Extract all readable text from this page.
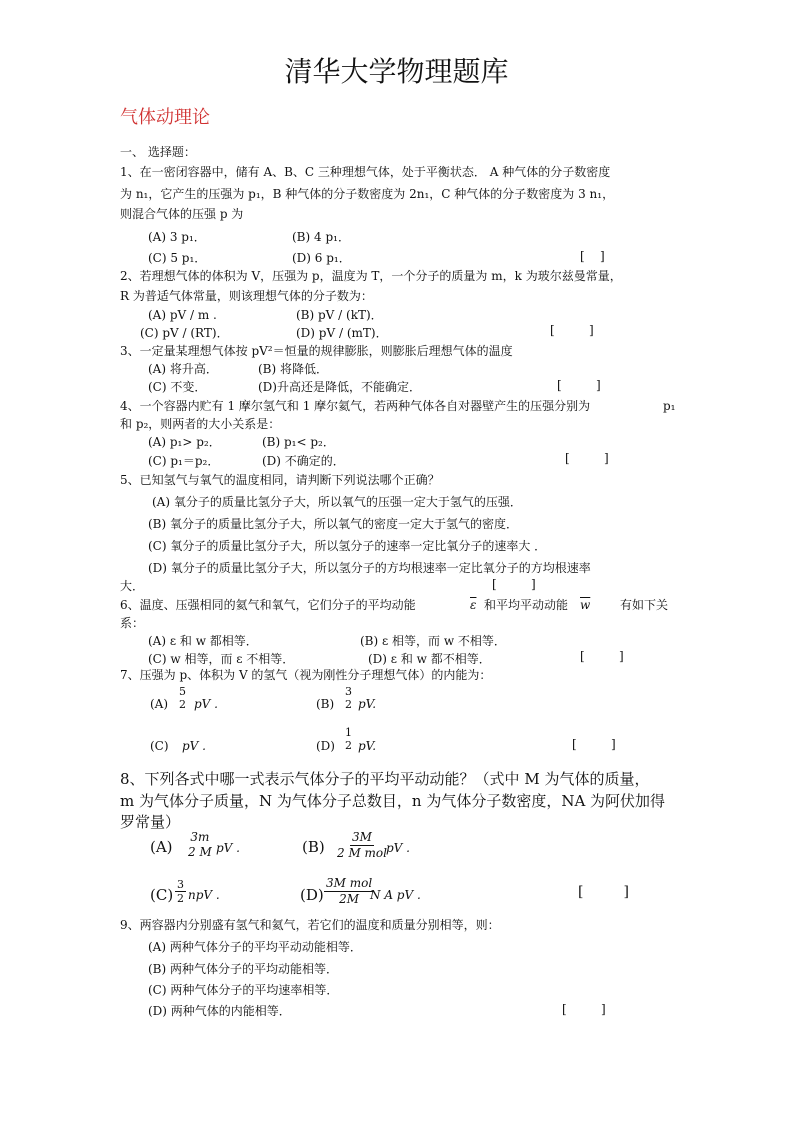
清华大学物理题库
气体动理论
一、 选择题：
1、在一密闭容器中，储有 A、B、C 三种理想气体，处于平衡状态． A 种气体的分子数密度
为 n₁，它产生的压强为 p₁，B 种气体的分子数密度为 2n₁，C 种气体的分子数密度为 3 n₁，
则混合气体的压强 p 为
(A) 3 p₁．	(B) 4 p₁．
(C) 5 p₁．	(D) 6 p₁．	[    ]
2、若理想气体的体积为 V，压强为 p，温度为 T，一个分子的质量为 m，k 为玻尔兹曼常量，
R 为普适气体常量，则该理想气体的分子数为：
(A) pV / m .	(B) pV / (kT)．
(C) pV / (RT)．	(D) pV / (mT)．	[         ]
3、一定量某理想气体按 pV²＝恒量的规律膨胀，则膨胀后理想气体的温度
(A) 将升高．	(B) 将降低．
(C) 不变．	(D)升高还是降低，不能确定．	[         ]
4、一个容器内贮有 1 摩尔氢气和 1 摩尔氦气，若两种气体各自对器壁产生的压强分别为	p₁
和 p₂，则两者的大小关系是：
(A) p₁> p₂．	(B) p₁< p₂．
(C) p₁＝p₂．	(D) 不确定的．	[         ]
5、已知氢气与氧气的温度相同，请判断下列说法哪个正确？
(A) 氧分子的质量比氢分子大，所以氧气的压强一定大于氢气的压强．
(B) 氧分子的质量比氢分子大，所以氧气的密度一定大于氢气的密度．
(C) 氧分子的质量比氢分子大，所以氢分子的速率一定比氧分子的速率大 ．
(D) 氧分子的质量比氢分子大，所以氢分子的方均根速率一定比氧分子的方均根速率
大．	[         ]
6、温度、压强相同的氦气和氧气，它们分子的平均动能	$\overline{\varepsilon}$ 和平均平动动能 $\overline{w}$ 有如下关
系：
(A) ε 和 w 都相等．	(B) ε 相等，而 w 不相等．
(C) w 相等，而 ε 不相等．	(D) ε 和 w 都不相等．	[         ]
7、压强为 p、体积为 V 的氢气（视为刚性分子理想气体）的内能为：
(A)
5
2 pV .	(B)
3
2 pV.
(C) pV .	(D)
1
2 pV.	[         ]
8、下列各式中哪一式表示气体分子的平均平动动能？（式中 M 为气体的质量，
m 为气体分子质量，N 为气体分子总数目，n 为气体分子数密度，NA 为阿伏加得
罗常量）
(A)
3m
2 M pV .	(B)
3M
2 M mol pV .
$(C) \frac{3}{2}$ npV .	(D)
3M mol
2M N A pV .	[         ]
9、两容器内分别盛有氢气和氦气，若它们的温度和质量分别相等，则：
(A) 两种气体分子的平均平动动能相等．
(B) 两种气体分子的平均动能相等．
(C) 两种气体分子的平均速率相等．
(D) 两种气体的内能相等．	[         ]
